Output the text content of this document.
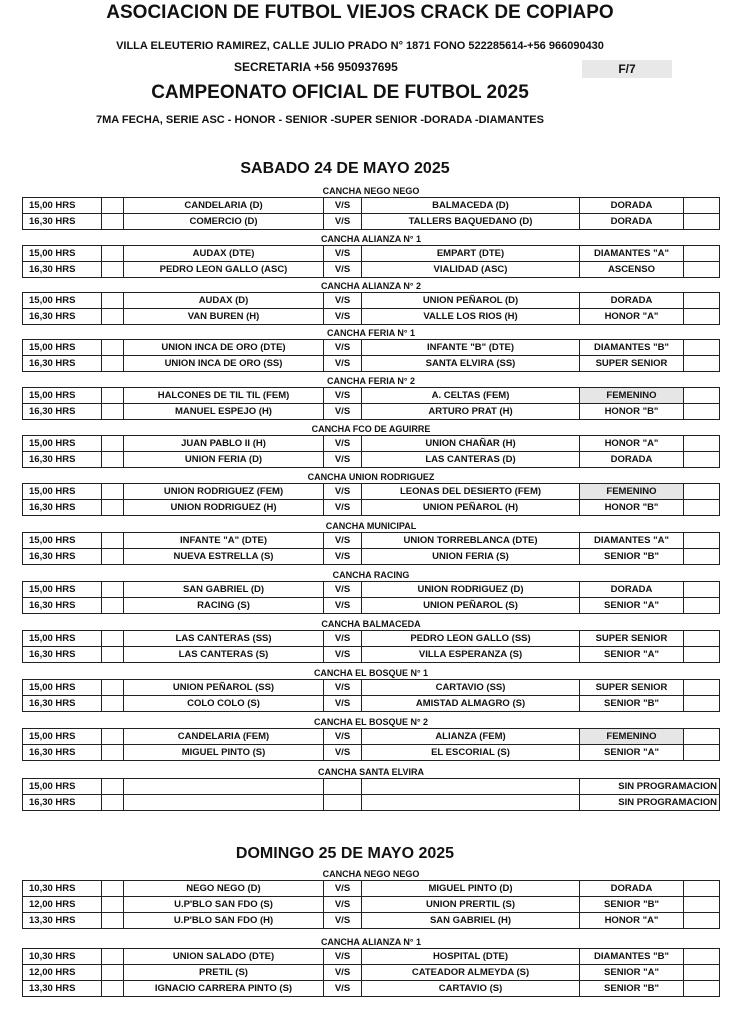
ASOCIACION DE FUTBOL VIEJOS CRACK DE COPIAPO
VILLA ELEUTERIO RAMIREZ, CALLE JULIO PRADO N° 1871 FONO 522285614-+56 966090430
SECRETARIA +56 950937695	F/7
CAMPEONATO OFICIAL DE FUTBOL 2025
7MA FECHA, SERIE ASC - HONOR - SENIOR -SUPER SENIOR -DORADA -DIAMANTES
SABADO 24 DE MAYO 2025
DOMINGO 25 DE MAYO 2025
CANCHA NEGO NEGO
15,00 HRS	CANDELARIA (D)	V/S	BALMACEDA (D)	DORADA
16,30 HRS	COMERCIO (D)	V/S	TALLERS BAQUEDANO (D)	DORADA
CANCHA ALIANZA N° 1
15,00 HRS	AUDAX (DTE)	V/S	EMPART (DTE)	DIAMANTES "A"
16,30 HRS	PEDRO LEON GALLO (ASC)	V/S	VIALIDAD (ASC)	ASCENSO
CANCHA ALIANZA N° 2
15,00 HRS	AUDAX (D)	V/S	UNION PEÑAROL (D)	DORADA
16,30 HRS	VAN BUREN (H)	V/S	VALLE LOS RIOS (H)	HONOR "A"
CANCHA FERIA N° 1
15,00 HRS	UNION INCA DE ORO (DTE)	V/S	INFANTE "B" (DTE)	DIAMANTES "B"
16,30 HRS	UNION INCA DE ORO (SS)	V/S	SANTA ELVIRA (SS)	SUPER SENIOR
CANCHA FERIA N° 2
15,00 HRS	HALCONES DE TIL TIL (FEM)	V/S	A. CELTAS (FEM)	FEMENINO
16,30 HRS	MANUEL ESPEJO (H)	V/S	ARTURO PRAT (H)	HONOR "B"
CANCHA FCO DE AGUIRRE
15,00 HRS	JUAN PABLO II (H)	V/S	UNION CHAÑAR (H)	HONOR "A"
16,30 HRS	UNION FERIA (D)	V/S	LAS CANTERAS (D)	DORADA
CANCHA UNION RODRIGUEZ
15,00 HRS	UNION RODRIGUEZ (FEM)	V/S	LEONAS DEL DESIERTO (FEM)	FEMENINO
16,30 HRS	UNION RODRIGUEZ (H)	V/S	UNION PEÑAROL (H)	HONOR "B"
CANCHA MUNICIPAL
15,00 HRS	INFANTE "A" (DTE)	V/S	UNION TORREBLANCA (DTE)	DIAMANTES "A"
16,30 HRS	NUEVA ESTRELLA (S)	V/S	UNION FERIA (S)	SENIOR "B"
CANCHA RACING
15,00 HRS	SAN GABRIEL (D)	V/S	UNION RODRIGUEZ (D)	DORADA
16,30 HRS	RACING (S)	V/S	UNION PEÑAROL (S)	SENIOR "A"
CANCHA BALMACEDA
15,00 HRS	LAS CANTERAS (SS)	V/S	PEDRO LEON GALLO (SS)	SUPER SENIOR
16,30 HRS	LAS CANTERAS (S)	V/S	VILLA ESPERANZA (S)	SENIOR "A"
CANCHA EL BOSQUE N° 1
15,00 HRS	UNION PEÑAROL (SS)	V/S	CARTAVIO (SS)	SUPER SENIOR
16,30 HRS	COLO COLO (S)	V/S	AMISTAD ALMAGRO (S)	SENIOR "B"
CANCHA EL BOSQUE N° 2
15,00 HRS	CANDELARIA (FEM)	V/S	ALIANZA (FEM)	FEMENINO
16,30 HRS	MIGUEL PINTO (S)	V/S	EL ESCORIAL (S)	SENIOR "A"
CANCHA SANTA ELVIRA
15,00 HRS	SIN PROGRAMACION
16,30 HRS	SIN PROGRAMACION
CANCHA NEGO NEGO
10,30 HRS	NEGO NEGO (D)	V/S	MIGUEL PINTO (D)	DORADA
12,00 HRS	U.P'BLO SAN FDO (S)	V/S	UNION PRERTIL (S)	SENIOR "B"
13,30 HRS	U.P'BLO SAN FDO (H)	V/S	SAN GABRIEL (H)	HONOR "A"
CANCHA ALIANZA N° 1
10,30 HRS	UNION SALADO (DTE)	V/S	HOSPITAL (DTE)	DIAMANTES "B"
12,00 HRS	PRETIL (S)	V/S	CATEADOR ALMEYDA (S)	SENIOR "A"
13,30 HRS	IGNACIO CARRERA PINTO (S)	V/S	CARTAVIO (S)	SENIOR "B"
